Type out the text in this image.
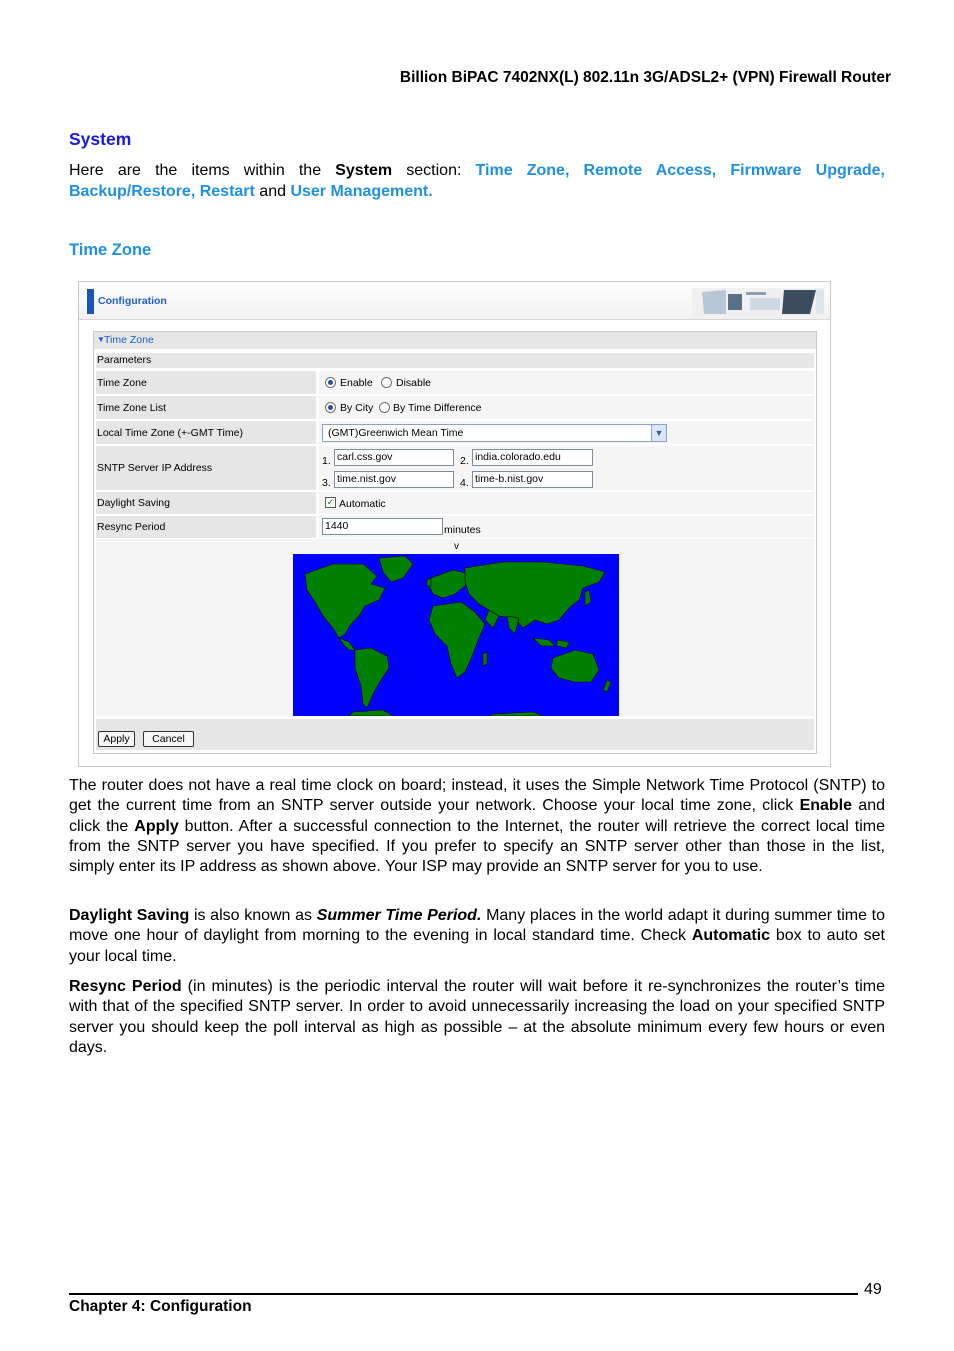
Billion BiPAC 7402NX(L) 802.11n 3G/ADSL2+ (VPN) Firewall Router
System
Here are the items within the System section: Time Zone, Remote Access, Firmware Upgrade, Backup/Restore, Restart and User Management.
Time Zone
Configuration
▼ Time Zone
Parameters
Time Zone	Enable Disable
Time Zone List	By City By Time Difference
Local Time Zone (+-GMT Time)	(GMT)Greenwich Mean Time	▼
SNTP Server IP Address
1. carl.css.gov	2. india.colorado.edu
3. time.nist.gov	4. time-b.nist.gov
Daylight Saving	✓ Automatic
Resync Period	1440	minutes
v
Apply	Cancel
The router does not have a real time clock on board; instead, it uses the Simple Network Time Protocol (SNTP) to get the current time from an SNTP server outside your network. Choose your local time zone, click Enable and click the Apply button. After a successful connection to the Internet, the router will retrieve the correct local time from the SNTP server you have specified. If you prefer to specify an SNTP server other than those in the list, simply enter its IP address as shown above. Your ISP may provide an SNTP server for you to use.
Daylight Saving is also known as Summer Time Period. Many places in the world adapt it during summer time to move one hour of daylight from morning to the evening in local standard time. Check Automatic box to auto set your local time.
Resync Period (in minutes) is the periodic interval the router will wait before it re-synchronizes the router’s time with that of the specified SNTP server. In order to avoid unnecessarily increasing the load on your specified SNTP server you should keep the poll interval as high as possible – at the absolute minimum every few hours or even days.
49
Chapter 4: Configuration
